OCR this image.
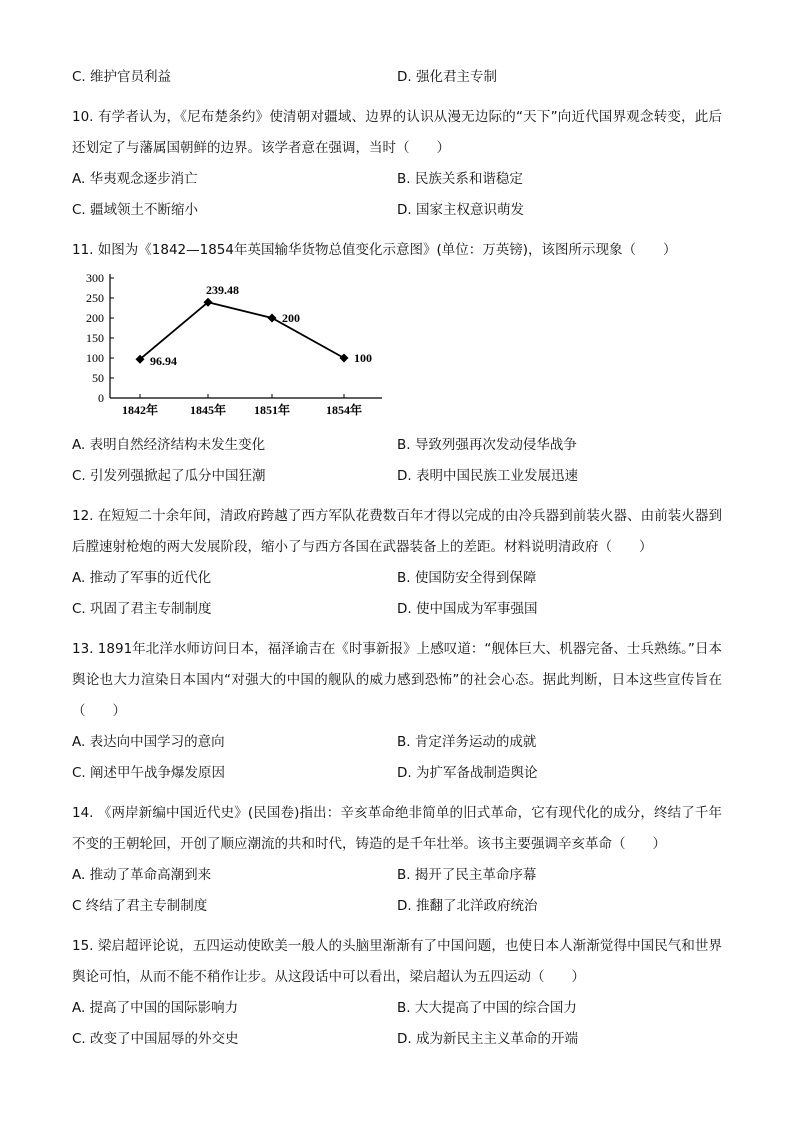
C. 维护官员利益	D. 强化君主专制
10. 有学者认为，《尼布楚条约》使清朝对疆域、边界的认识从漫无边际的“天下”向近代国界观念转变，此后还划定了与藩属国朝鲜的边界。该学者意在强调，当时（　　）
A. 华夷观念逐步消亡	B. 民族关系和谐稳定
C. 疆域领土不断缩小	D. 国家主权意识萌发
11. 如图为《1842—1854年英国输华货物总值变化示意图》(单位：万英镑)，该图所示现象（　　）
0
50
100
150
200
250
300
96.94
239.48
200
100
1842年	1845年 1851年	1854年
A. 表明自然经济结构未发生变化	B. 导致列强再次发动侵华战争
C. 引发列强掀起了瓜分中国狂潮	D. 表明中国民族工业发展迅速
12. 在短短二十余年间，清政府跨越了西方军队花费数百年才得以完成的由冷兵器到前装火器、由前装火器到后膛速射枪炮的两大发展阶段，缩小了与西方各国在武器装备上的差距。材料说明清政府（　　）
A. 推动了军事的近代化	B. 使国防安全得到保障
C. 巩固了君主专制制度	D. 使中国成为军事强国
13. 1891年北洋水师访问日本，福泽谕吉在《时事新报》上感叹道：“舰体巨大、机器完备、士兵熟练。”日本舆论也大力渲染日本国内“对强大的中国的舰队的威力感到恐怖”的社会心态。据此判断，日本这些宣传旨在（　　）
A. 表达向中国学习的意向	B. 肯定洋务运动的成就
C. 阐述甲午战争爆发原因	D. 为扩军备战制造舆论
14. 《两岸新编中国近代史》(民国卷)指出：辛亥革命绝非简单的旧式革命，它有现代化的成分，终结了千年不变的王朝轮回，开创了顺应潮流的共和时代，铸造的是千年壮举。该书主要强调辛亥革命（　　）
A. 推动了革命高潮到来	B. 揭开了民主革命序幕
C 终结了君主专制制度	D. 推翻了北洋政府统治
15. 梁启超评论说，五四运动使欧美一般人的头脑里渐渐有了中国问题，也使日本人渐渐觉得中国民气和世界舆论可怕，从而不能不稍作让步。从这段话中可以看出，梁启超认为五四运动（　　）
A. 提高了中国的国际影响力	B. 大大提高了中国的综合国力
C. 改变了中国屈辱的外交史	D. 成为新民主主义革命的开端
